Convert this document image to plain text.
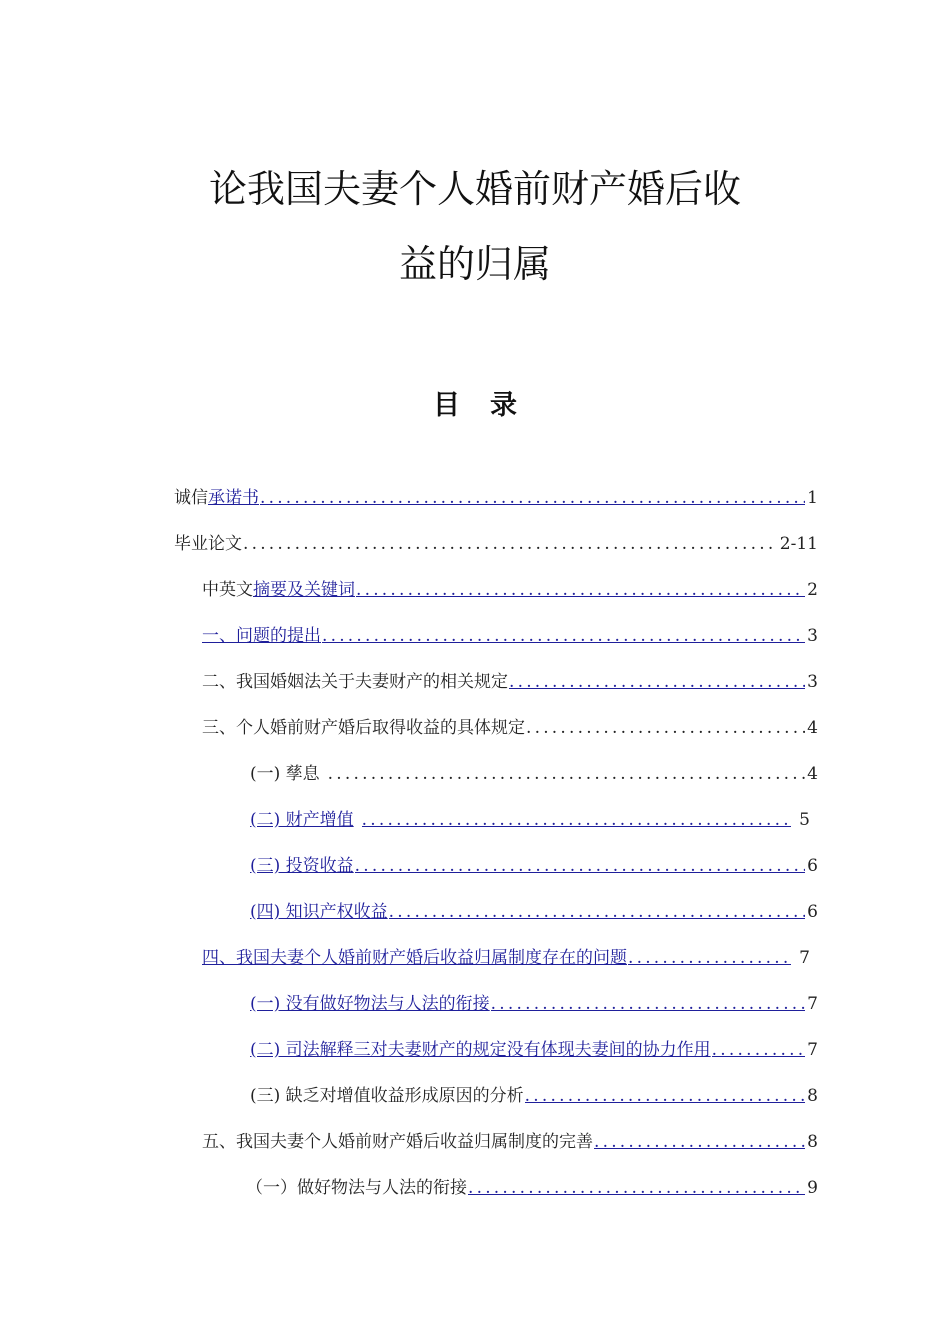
论我国夫妻个人婚前财产婚后收
益的归属
目录
诚信 承诺书 .....	1
毕业论文 .....	2-11
中英文 摘要及关键词 .....	2
一、问题的提出 .....	3
二、我国婚姻法关于夫妻财产的相关规定 .....	3
三、个人婚前财产婚后取得收益的具体规定 .....	4
(一) 孳息 .....	4
(二) 财产增值 .....	5
(三) 投资收益 .....	6
(四) 知识产权收益 .....	6
四、我国夫妻个人婚前财产婚后收益归属制度存在的问题 .....	7
(一) 没有做好物法与人法的衔接 .....	7
(二) 司法解释三对夫妻财产的规定没有体现夫妻间的协力作用 .....	7
(三) 缺乏对增值收益形成原因的分析 .....	8
五、我国夫妻个人婚前财产婚后收益归属制度的完善 .....	8
（一）做好物法与人法的衔接 .....	9
